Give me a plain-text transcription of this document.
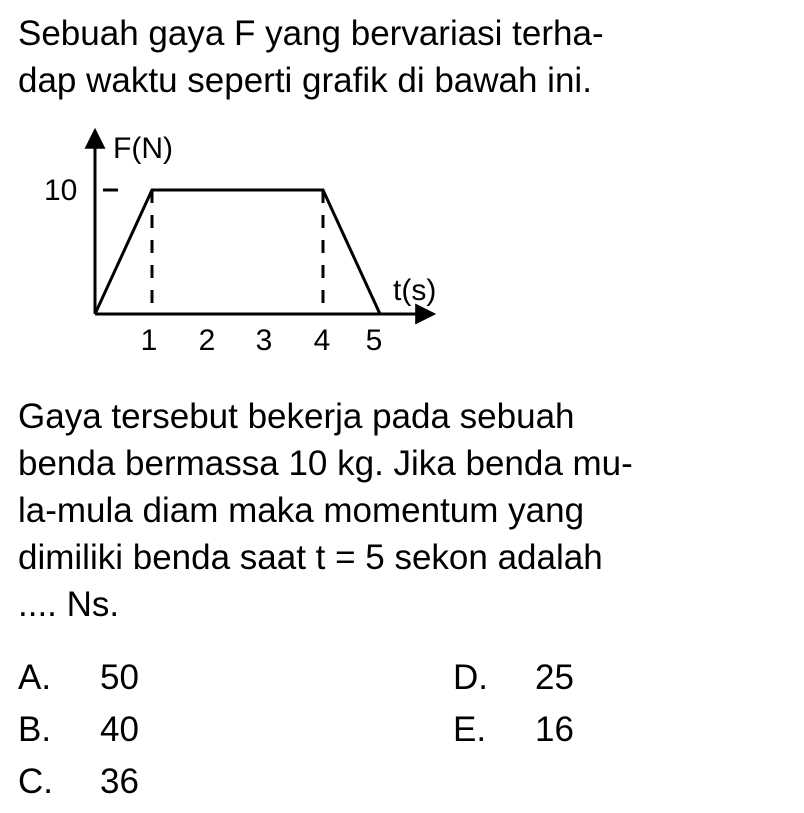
Sebuah gaya F yang bervariasi terha-
dap waktu seperti grafik di bawah ini.
F(N)
10
t(s)
1 2 3 4 5
Gaya tersebut bekerja pada sebuah
benda bermassa 10 kg. Jika benda mu-
la-mula diam maka momentum yang
dimiliki benda saat t = 5 sekon adalah
.... Ns.
A. 50
B. 40
C. 36
D. 25
E. 16
